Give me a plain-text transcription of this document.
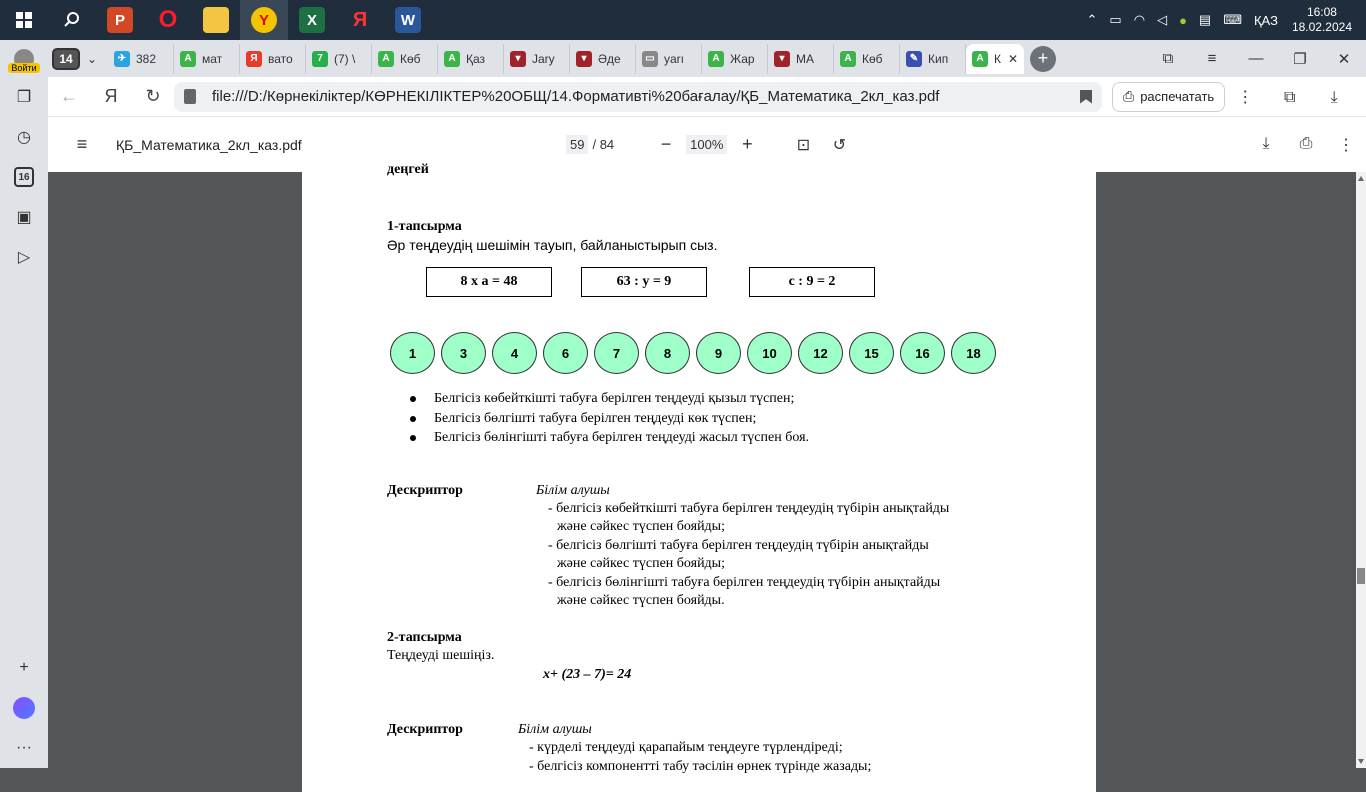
P	O	Y	X	Я	W	⌃ ▭ ◠ ◁ ● ▤ ⌨ ҚАЗ
16:08
18.02.2024
Войти
14	⌄	✈ 382	A мат	Я вато	7 (7) \	A Көб	A Қаз	▾ Jary	▾ Әде	▭ yarı	A Жар	▾ МА	A Көб	✎ Кип	A К ✕	+	⧉	≡	—	❐	✕
❐
◷
16
▣
▷
+
···
←	Я	↻	file:///D:/Көрнекіліктер/КӨРНЕКІЛІКТЕР%20ОБЩ/14.Формативті%20бағалау/ҚБ_Математика_2кл_каз.pdf	⎙ распечатать	⋮ ⧉ ⤓
≡	ҚБ_Математика_2кл_каз.pdf	59 / 84	−	100%	+	⊡	↺	⤓	⎙	⋮
деңгей
1-тапсырма
Әр теңдеудің шешімін тауып, байланыстырып сыз.
8 х а = 48	63 : у = 9	с : 9 = 2
1	3	4	6	7	8	9	10	12	15	16	18
Белгісіз көбейткішті табуға берілген теңдеуді қызыл түспен;
Белгісіз бөлгішті табуға берілген теңдеуді көк түспен;
Белгісіз бөлінгішті табуға берілген теңдеуді жасыл түспен боя.
Дескриптор	Білім алушы
- белгісіз көбейткішті табуға берілген теңдеудің түбірін анықтайды
және сәйкес түспен бояйды;
- белгісіз бөлгішті табуға берілген теңдеудің түбірін анықтайды
және сәйкес түспен бояйды;
- белгісіз бөлінгішті табуға берілген теңдеудің түбірін анықтайды
және сәйкес түспен бояйды.
2-тапсырма
Теңдеуді шешіңіз.
х+ (23 – 7)= 24
Дескриптор	Білім алушы
- күрделі теңдеуді қарапайым теңдеуге түрлендіреді;
- белгісіз компонентті табу тәсілін өрнек түрінде жазады;
